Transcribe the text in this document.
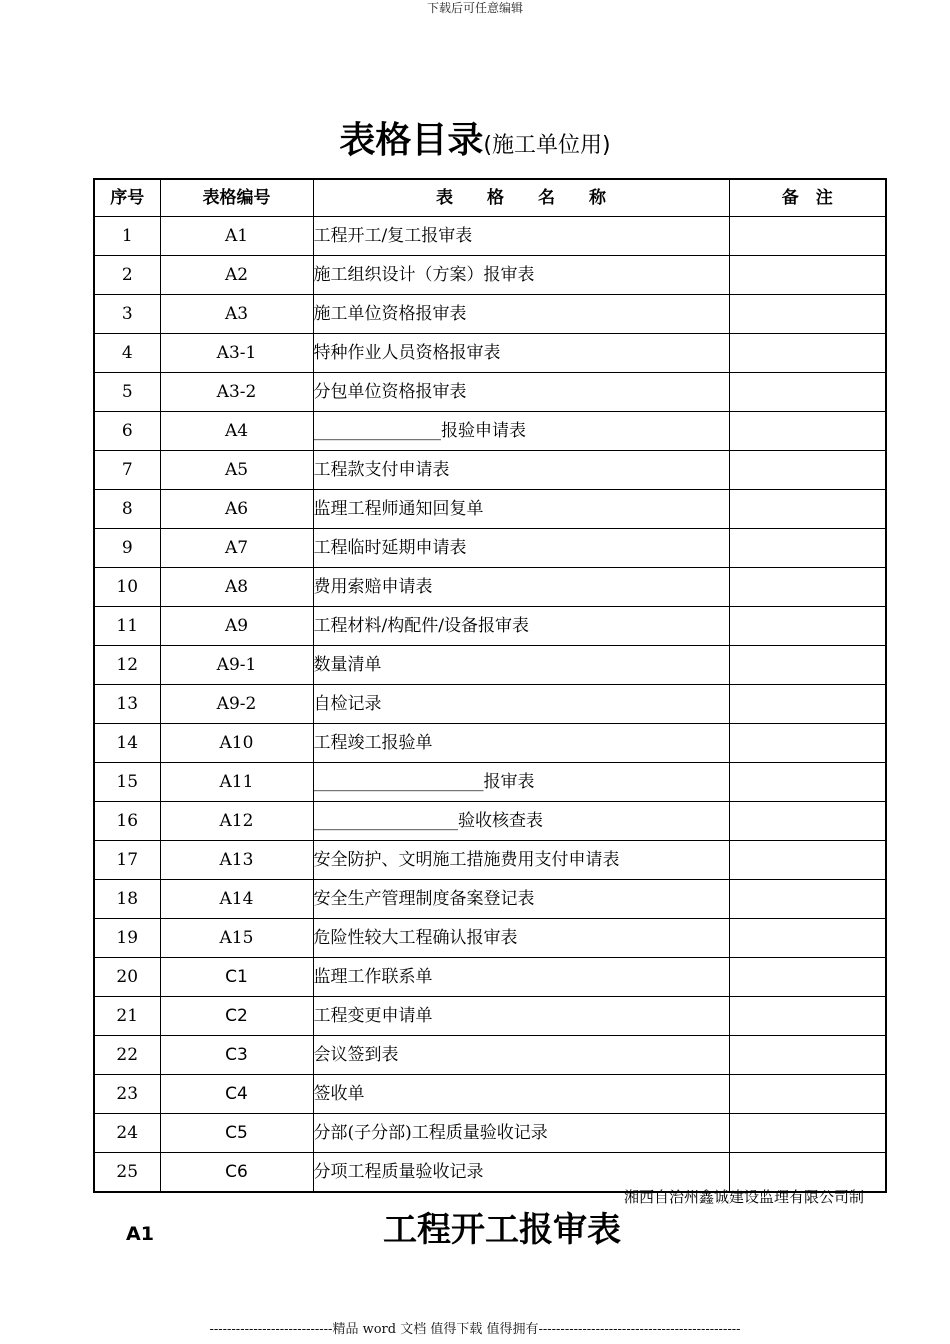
下载后可任意编辑
表格目录(施工单位用)
序号	表格编号	表　　格　　名　　称	备　注
1	A1	工程开工/复工报审表	
2	A2	施工组织设计（方案）报审表	
3	A3	施工单位资格报审表	
4	A3-1	特种作业人员资格报审表	
5	A3-2	分包单位资格报审表	
6	A4	_______________报验申请表	
7	A5	工程款支付申请表	
8	A6	监理工程师通知回复单	
9	A7	工程临时延期申请表	
10	A8	费用索赔申请表	
11	A9	工程材料/构配件/设备报审表	
12	A9-1	数量清单	
13	A9-2	自检记录	
14	A10	工程竣工报验单	
15	A11	____________________报审表	
16	A12	_________________验收核查表	
17	A13	安全防护、文明施工措施费用支付申请表	
18	A14	安全生产管理制度备案登记表	
19	A15	危险性较大工程确认报审表	
20	C1	监理工作联系单	
21	C2	工程变更申请单	
22	C3	会议签到表	
23	C4	签收单	
24	C5	分部(子分部)工程质量验收记录	
25	C6	分项工程质量验收记录	
湘西自治州鑫诚建设监理有限公司制
A1	工程开工报审表
----------------------------精品 word 文档 值得下载 值得拥有----------------------------------------------
